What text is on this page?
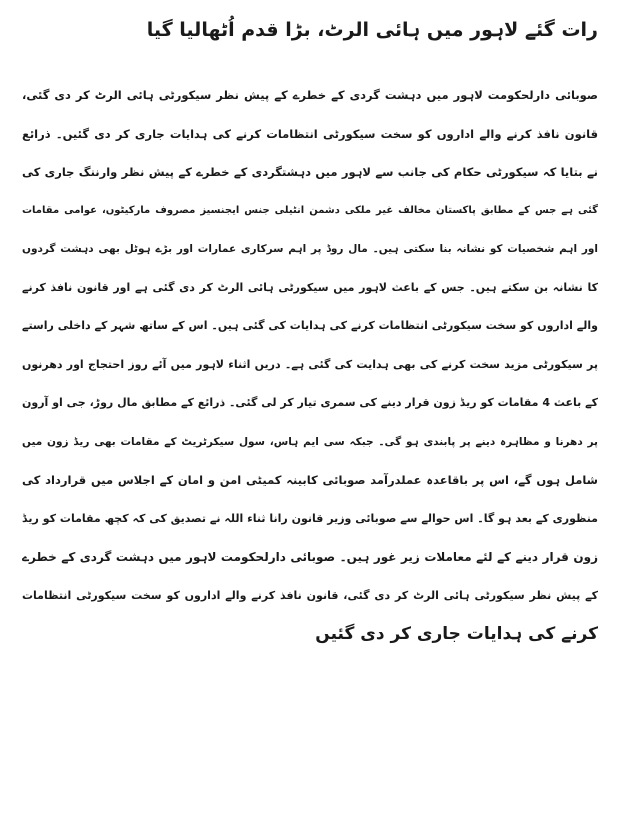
رات گئے لاہور میں ہائی الرٹ، بڑا قدم اُٹھالیا گیا
صوبائی دارلحکومت لاہور میں دہشت گردی کے خطرے کے پیش نظر سیکورٹی ہائی الرٹ کر دی گئی،
قانون نافذ کرنے والے اداروں کو سخت سیکورٹی انتظامات کرنے کی ہدایات جاری کر دی گئیں۔ ذرائع
نے بتایا کہ سیکورٹی حکام کی جانب سے لاہور میں دہشتگردی کے خطرے کے پیش نظر وارننگ جاری کی
گئی ہے جس کے مطابق پاکستان مخالف غیر ملکی دشمن انٹیلی جنس ایجنسیز مصروف مارکیٹوں، عوامی مقامات
اور اہم شخصیات کو نشانہ بنا سکتی ہیں۔ مال روڈ پر اہم سرکاری عمارات اور بڑے ہوٹل بھی دہشت گردوں
کا نشانہ بن سکتے ہیں۔ جس کے باعث لاہور میں سیکورٹی ہائی الرٹ کر دی گئی ہے اور قانون نافذ کرنے
والے اداروں کو سخت سیکورٹی انتظامات کرنے کی ہدایات کی گئی ہیں۔ اس کے ساتھ شہر کے داخلی راستے
پر سیکورٹی مزید سخت کرنے کی بھی ہدایت کی گئی ہے۔ دریں اثناء لاہور میں آئے روز احتجاج اور دھرنوں
کے باعث 4 مقامات کو ریڈ زون قرار دینے کی سمری تیار کر لی گئی۔ ذرائع کے مطابق مال روڑ، جی او آرون
پر دھرنا و مظاہرہ دینے پر پابندی ہو گی۔ جبکہ سی ایم ہاس، سول سیکرٹریٹ کے مقامات بھی ریڈ زون میں
شامل ہوں گے، اس پر باقاعدہ عملدرآمد صوبائی کابینہ کمیٹی امن و امان کے اجلاس میں قرارداد کی
منظوری کے بعد ہو گا۔ اس حوالے سے صوبائی وزیر قانون رانا ثناء اللہ نے تصدیق کی کہ کچھ مقامات کو ریڈ
زون قرار دینے کے لئے معاملات زیر غور ہیں۔ صوبائی دارلحکومت لاہور میں دہشت گردی کے خطرے
کے پیش نظر سیکورٹی ہائی الرٹ کر دی گئی، قانون نافذ کرنے والے اداروں کو سخت سیکورٹی انتظامات
کرنے کی ہدایات جاری کر دی گئیں
